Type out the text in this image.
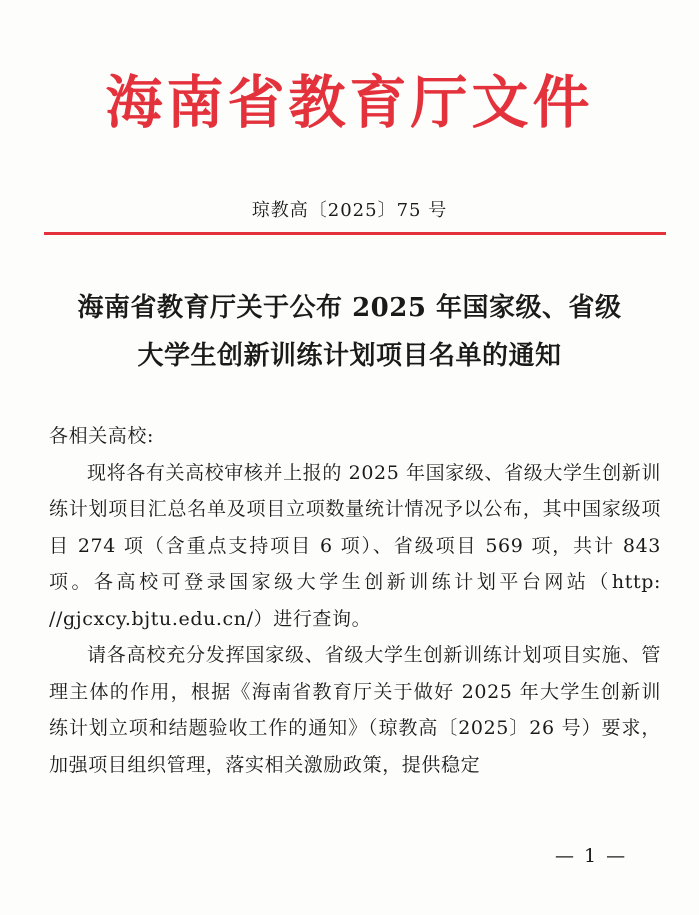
海南省教育厅文件
琼教高〔2025〕75 号
海南省教育厅关于公布 2025 年国家级、省级
大学生创新训练计划项目名单的通知

各相关高校:

现将各有关高校审核并上报的 2025 年国家级、省级大学生创新训练计划项目汇总名单及项目立项数量统计情况予以公布，其中国家级项目 274 项（含重点支持项目 6 项）、省级项目 569 项，共计 843 项。各高校可登录国家级大学生创新训练计划平台网站（http: //gjcxcy.bjtu.edu.cn/）进行查询。

请各高校充分发挥国家级、省级大学生创新训练计划项目实施、管理主体的作用，根据《海南省教育厅关于做好 2025 年大学生创新训练计划立项和结题验收工作的通知》（琼教高〔2025〕26 号）要求，加强项目组织管理，落实相关激励政策，提供稳定

— 1 —
